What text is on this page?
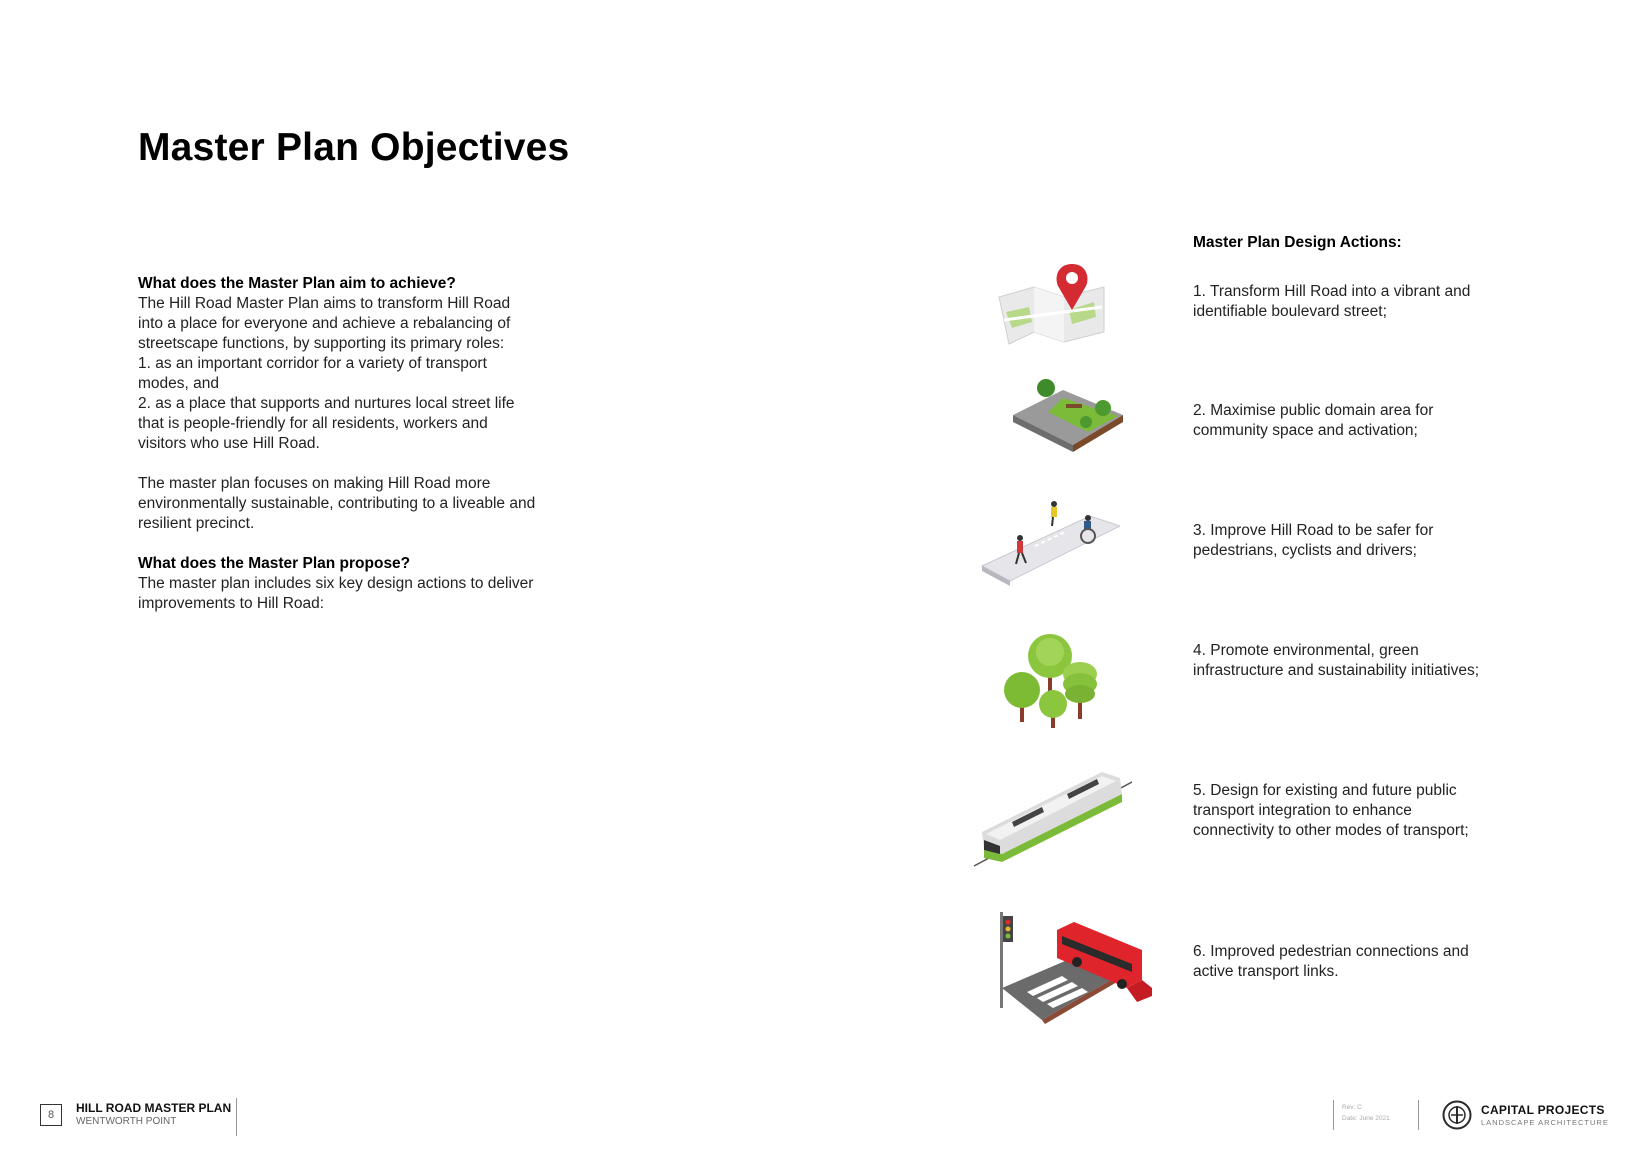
Master Plan Objectives
What does the Master Plan aim to achieve?

The Hill Road Master Plan aims to transform Hill Road into a place for everyone and achieve a rebalancing of streetscape functions, by supporting its primary roles:

1. as an important corridor for a variety of transport modes, and

2. as a place that supports and nurtures local street life that is people-friendly for all residents, workers and visitors who use Hill Road.

The master plan focuses on making Hill Road more environmentally sustainable, contributing to a liveable and resilient precinct.

What does the Master Plan propose?

The master plan includes six key design actions to deliver improvements to Hill Road:

Master Plan Design Actions:

1. Transform Hill Road into a vibrant and identifiable boulevard street;

2. Maximise public domain area for community space and activation;

3. Improve Hill Road to be safer for pedestrians, cyclists and drivers;

4. Promote environmental, green infrastructure and sustainability initiatives;

5. Design for existing and future public transport integration to enhance connectivity to other modes of transport;

6. Improved pedestrian connections and active transport links.

8	HILL ROAD MASTER PLAN
WENTWORTH POINT
Rev: C
Date: June 2021
CAPITAL PROJECTS
LANDSCAPE ARCHITECTURE
